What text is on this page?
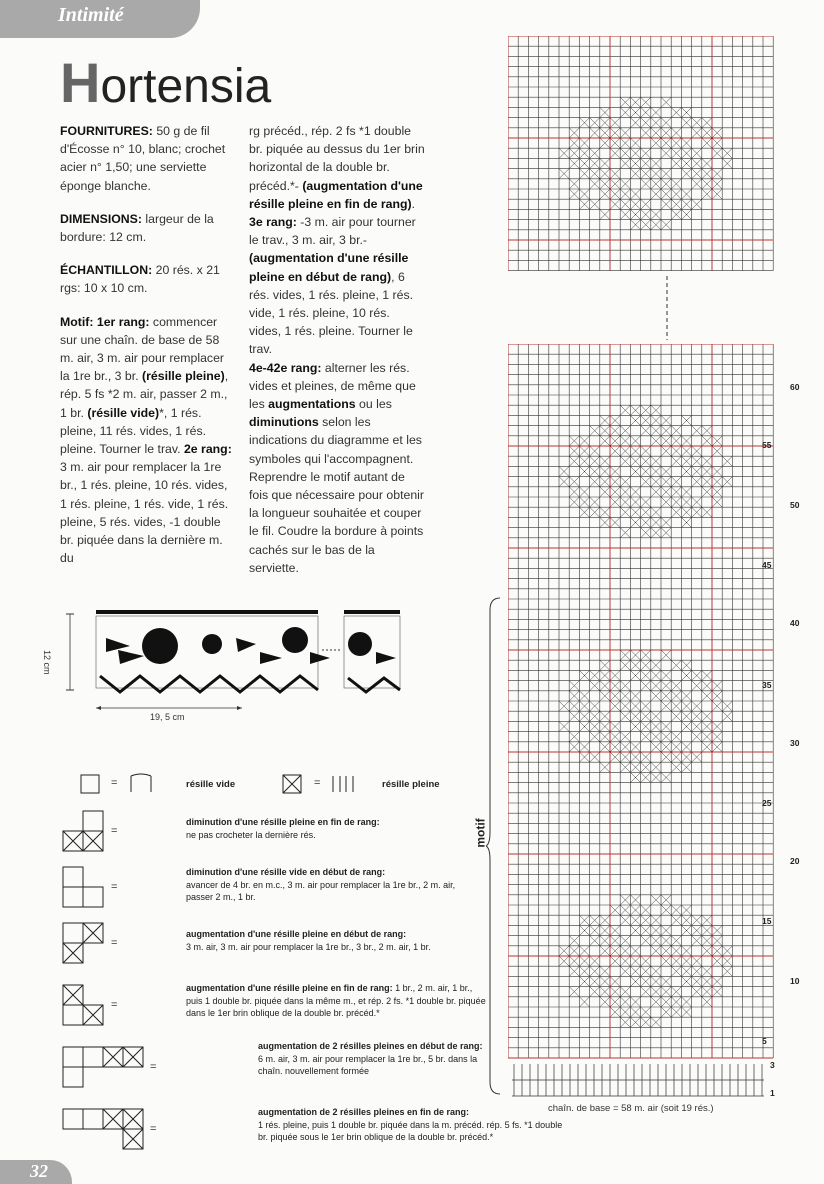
Intimité
Hortensia

FOURNITURES: 50 g de fil d'Écosse n° 10, blanc; crochet acier n° 1,50; une serviette éponge blanche.

DIMENSIONS: largeur de la bordure: 12 cm.

ÉCHANTILLON: 20 rés. x 21 rgs: 10 x 10 cm.

Motif: 1er rang: commencer sur une chaîn. de base de 58 m. air, 3 m. air pour remplacer la 1re br., 3 br. (résille pleine), rép. 5 fs *2 m. air, passer 2 m., 1 br. (résille vide)*, 1 rés. pleine, 11 rés. vides, 1 rés. pleine. Tourner le trav. 2e rang: 3 m. air pour remplacer la 1re br., 1 rés. pleine, 10 rés. vides, 1 rés. pleine, 1 rés. vide, 1 rés. pleine, 5 rés. vides, -1 double br. piquée dans la dernière m. du

rg précéd., rép. 2 fs *1 double br. piquée au dessus du 1er brin horizontal de la double br. précéd.*- (augmentation d'une résille pleine en fin de rang). 3e rang: -3 m. air pour tourner le trav., 3 m. air, 3 br.- (augmentation d'une résille pleine en début de rang), 6 rés. vides, 1 rés. pleine, 1 rés. vide, 1 rés. pleine, 10 rés. vides, 1 rés. pleine. Tourner le trav.
4e-42e rang: alterner les rés. vides et pleines, de même que les augmentations ou les diminutions selon les indications du diagramme et les symboles qui l'accompagnent. Reprendre le motif autant de fois que nécessaire pour obtenir la longueur souhaitée et couper le fil. Coudre la bordure à points cachés sur le bas de la serviette.

12 cm
19, 5 cm
=	résille vide	=	résille pleine
=
diminution d'une résille pleine en fin de rang:
ne pas crocheter la dernière rés.
=
diminution d'une résille vide en début de rang:
avancer de 4 br. en m.c., 3 m. air pour remplacer la 1re br., 2 m. air, passer 2 m., 1 br.
=
augmentation d'une résille pleine en début de rang:
3 m. air, 3 m. air pour remplacer la 1re br., 3 br., 2 m. air, 1 br.
=
augmentation d'une résille pleine en fin de rang: 1 br., 2 m. air, 1 br., puis 1 double br. piquée dans la même m., et rép. 2 fs. *1 double br. piquée dans le 1er brin oblique de la double br. précéd.*
=
augmentation de 2 résilles pleines en début de rang: 6 m. air, 3 m. air pour remplacer la 1re br., 5 br. dans la chaîn. nouvellement formée
=
augmentation de 2 résilles pleines en fin de rang:
1 rés. pleine, puis 1 double br. piquée dans la m. précéd. rép. 5 fs. *1 double br. piquée sous le 1er brin oblique de la double br. précéd.*
motif
chaîn. de base = 58 m. air (soit 19 rés.)
60
55
50
45
40
35
30
25
20
15
10
5
3
1
32
